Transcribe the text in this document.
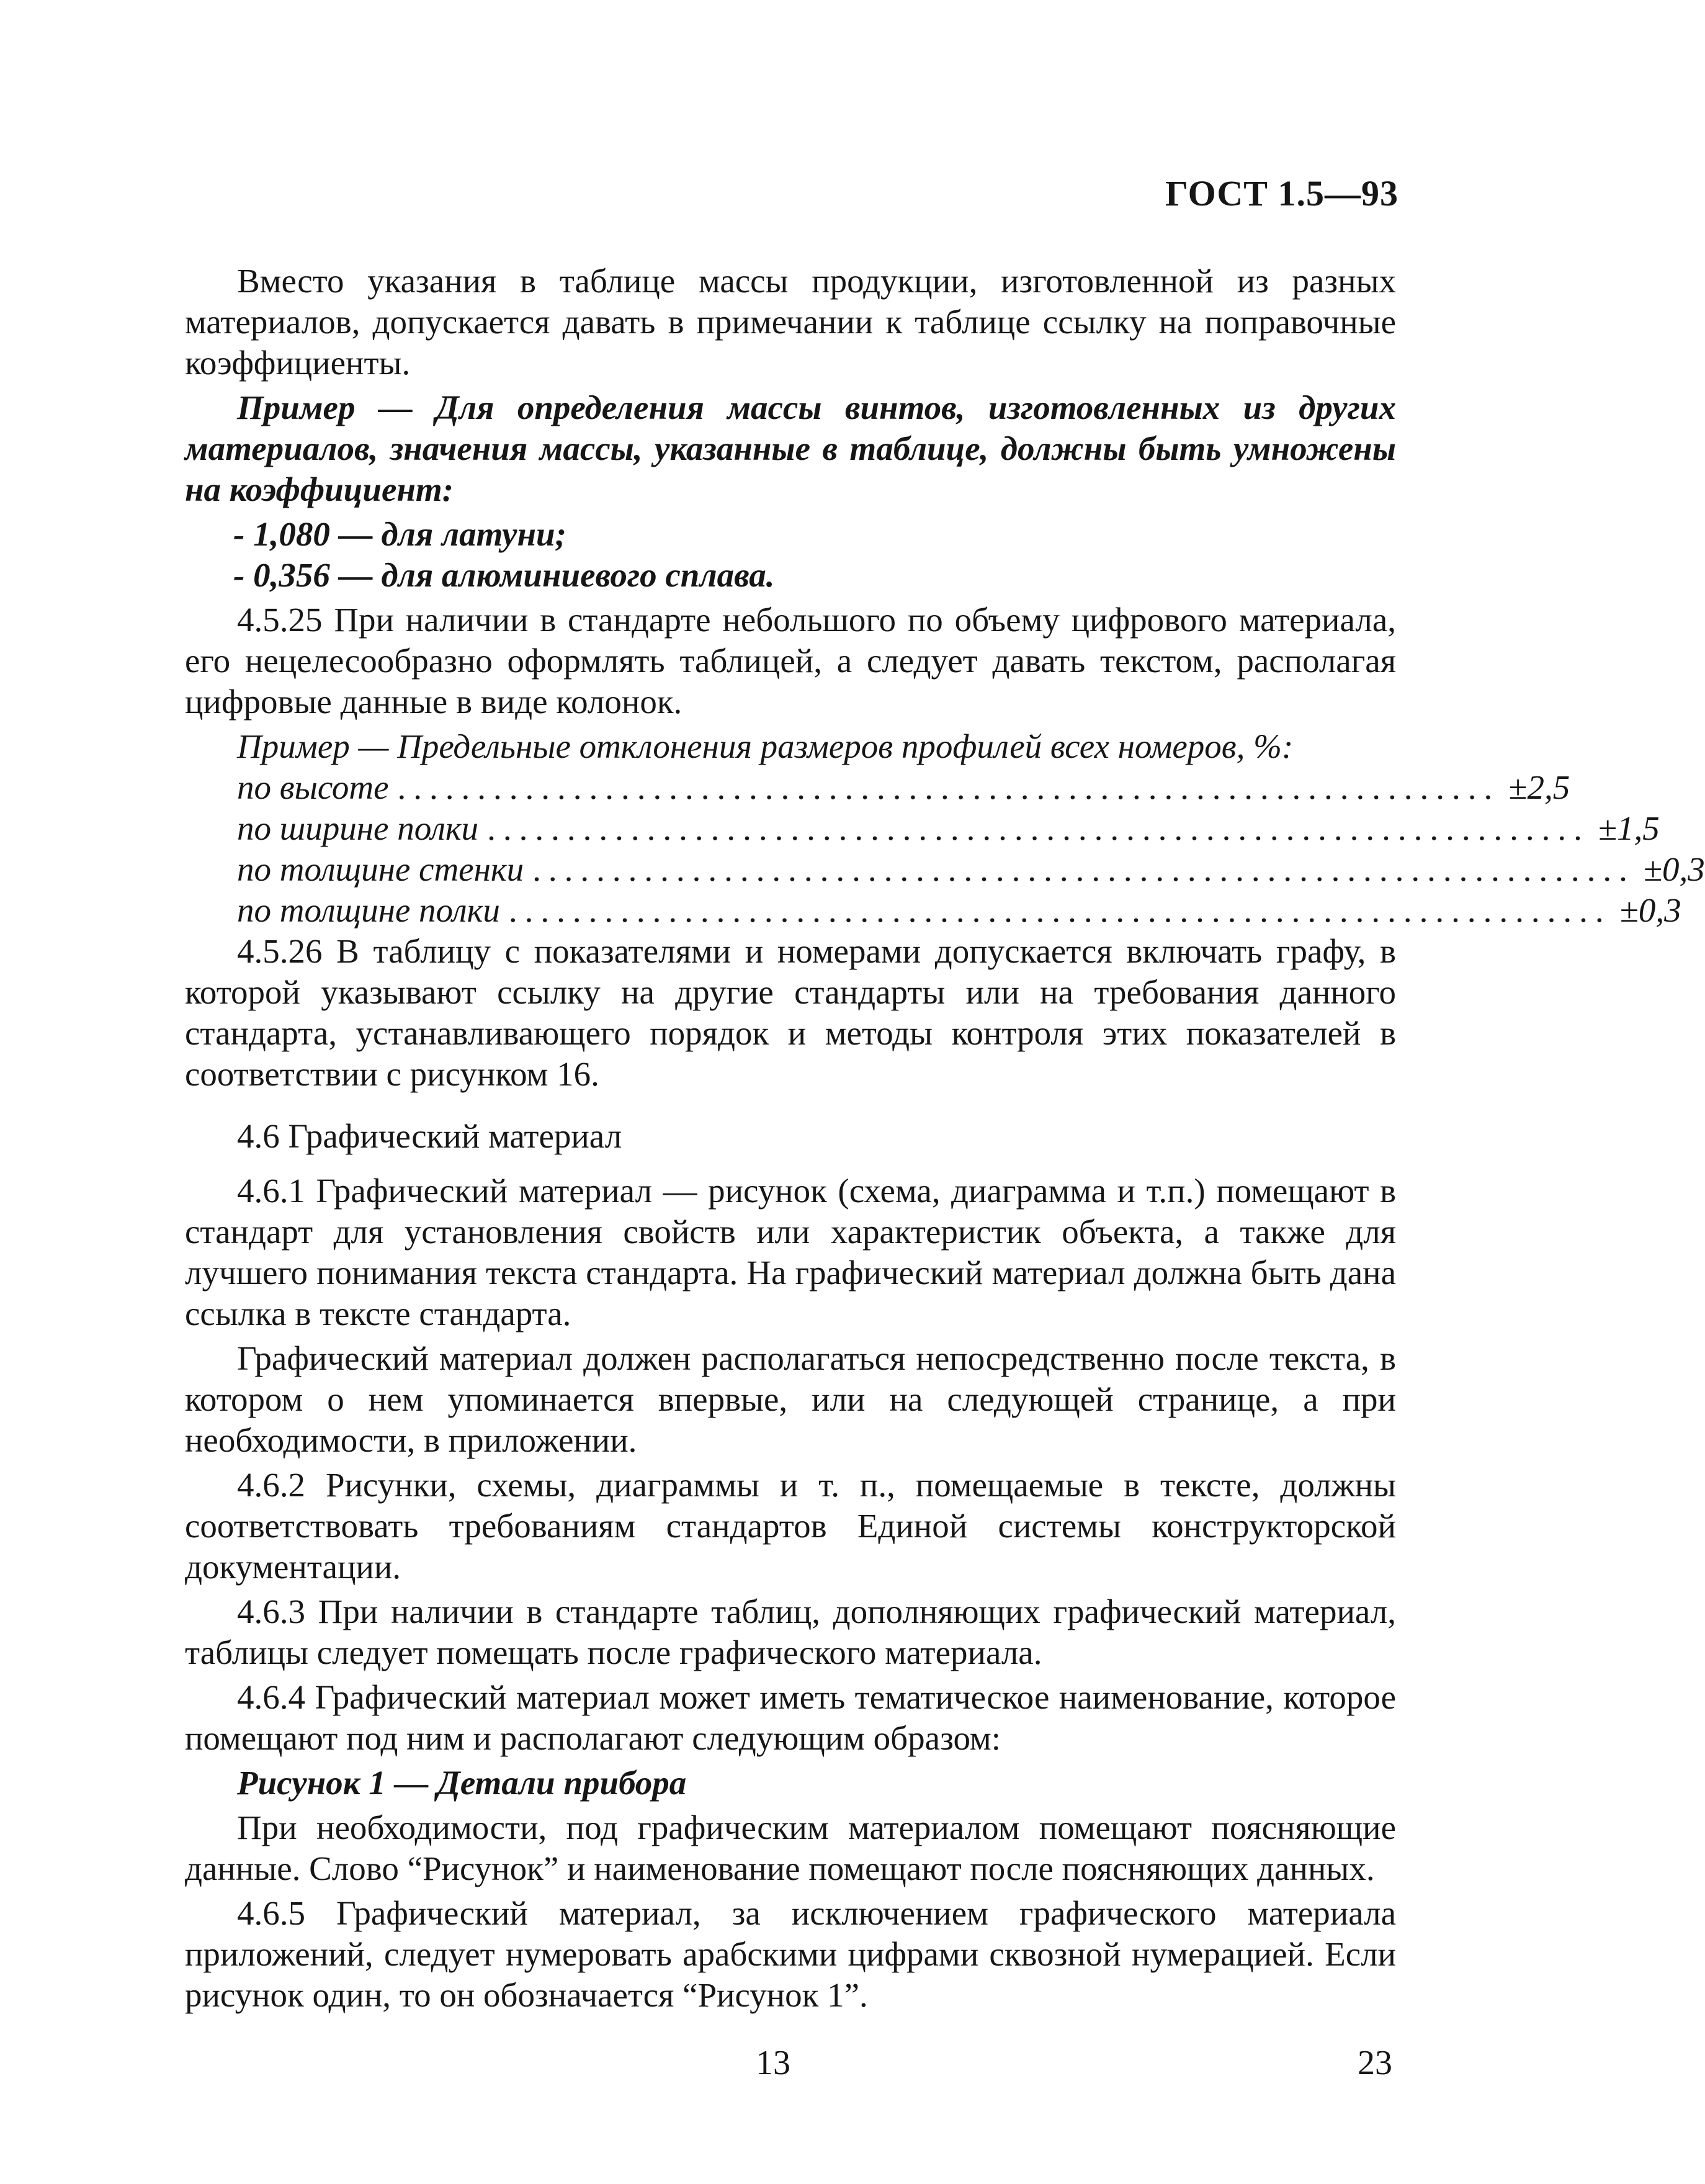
ГОСТ 1.5—93

Вместо указания в таблице массы продукции, изготовленной из разных материалов, допускается давать в примечании к таблице ссылку на поправочные коэффициенты.

Пример — Для определения массы винтов, изготовленных из других материалов, значения массы, указанные в таблице, должны быть умножены на коэффициент:

- 1,080 — для латуни;
- 0,356 — для алюминиевого сплава.

4.5.25 При наличии в стандарте небольшого по объему цифрового материала, его нецелесообразно оформлять таблицей, а следует давать текстом, располагая цифровые данные в виде колонок.

Пример — Предельные отклонения размеров профилей всех номеров, %:
по высоте ..................................................................... ±2,5
по ширине полки ..................................................................... ±1,5
по толщине стенки ..................................................................... ±0,3
по толщине полки ..................................................................... ±0,3

4.5.26 В таблицу с показателями и номерами допускается включать графу, в которой указывают ссылку на другие стандарты или на требования данного стандарта, устанавливающего порядок и методы контроля этих показателей в соответствии с рисунком 16.

4.6 Графический материал

4.6.1 Графический материал — рисунок (схема, диаграмма и т.п.) помещают в стандарт для установления свойств или характеристик объекта, а также для лучшего понимания текста стандарта. На графический материал должна быть дана ссылка в тексте стандарта.

Графический материал должен располагаться непосредственно после текста, в котором о нем упоминается впервые, или на следующей странице, а при необходимости, в приложении.

4.6.2 Рисунки, схемы, диаграммы и т. п., помещаемые в тексте, должны соответствовать требованиям стандартов Единой системы конструкторской документации.

4.6.3 При наличии в стандарте таблиц, дополняющих графический материал, таблицы следует помещать после графического материала.

4.6.4 Графический материал может иметь тематическое наименование, которое помещают под ним и располагают следующим образом:

Рисунок 1 — Детали прибора

При необходимости, под графическим материалом помещают поясняющие данные. Слово “Рисунок” и наименование помещают после поясняющих данных.

4.6.5 Графический материал, за исключением графического материала приложений, следует нумеровать арабскими цифрами сквозной нумерацией. Если рисунок один, то он обозначается “Рисунок 1”.

13	23
